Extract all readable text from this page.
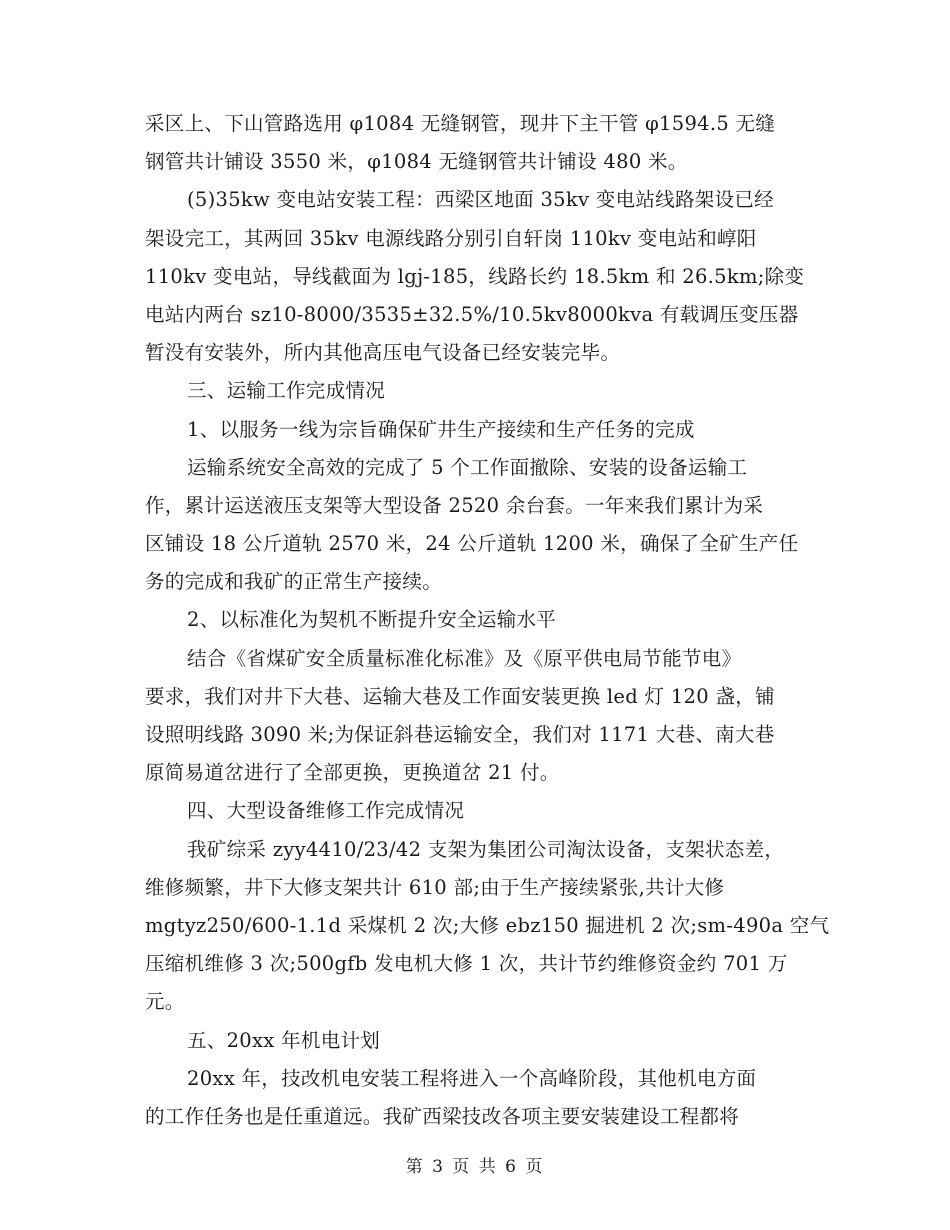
采区上、下山管路选用 φ1084 无缝钢管，现井下主干管 φ1594.5 无缝
钢管共计铺设 3550 米，φ1084 无缝钢管共计铺设 480 米。
(5)35kw 变电站安装工程：西梁区地面 35kv 变电站线路架设已经
架设完工，其两回 35kv 电源线路分别引自轩岗 110kv 变电站和崞阳
110kv 变电站，导线截面为 lgj-185，线路长约 18.5km 和 26.5km;除变
电站内两台 sz10-8000/3535±32.5%/10.5kv8000kva 有载调压变压器
暂没有安装外，所内其他高压电气设备已经安装完毕。
三、运输工作完成情况
1、以服务一线为宗旨确保矿井生产接续和生产任务的完成
运输系统安全高效的完成了 5 个工作面撤除、安装的设备运输工
作，累计运送液压支架等大型设备 2520 余台套。一年来我们累计为采
区铺设 18 公斤道轨 2570 米，24 公斤道轨 1200 米，确保了全矿生产任
务的完成和我矿的正常生产接续。
2、以标准化为契机不断提升安全运输水平
结合《省煤矿安全质量标准化标准》及《原平供电局节能节电》
要求，我们对井下大巷、运输大巷及工作面安装更换 led 灯 120 盏，铺
设照明线路 3090 米;为保证斜巷运输安全，我们对 1171 大巷、南大巷
原简易道岔进行了全部更换，更换道岔 21 付。
四、大型设备维修工作完成情况
我矿综采 zyy4410/23/42 支架为集团公司淘汰设备，支架状态差，
维修频繁，井下大修支架共计 610 部;由于生产接续紧张,共计大修
mgtyz250/600-1.1d 采煤机 2 次;大修 ebz150 掘进机 2 次;sm-490a 空气
压缩机维修 3 次;500gfb 发电机大修 1 次，共计节约维修资金约 701 万
元。
五、20xx 年机电计划
20xx 年，技改机电安装工程将进入一个高峰阶段，其他机电方面
的工作任务也是任重道远。我矿西梁技改各项主要安装建设工程都将
第 3 页 共 6 页
